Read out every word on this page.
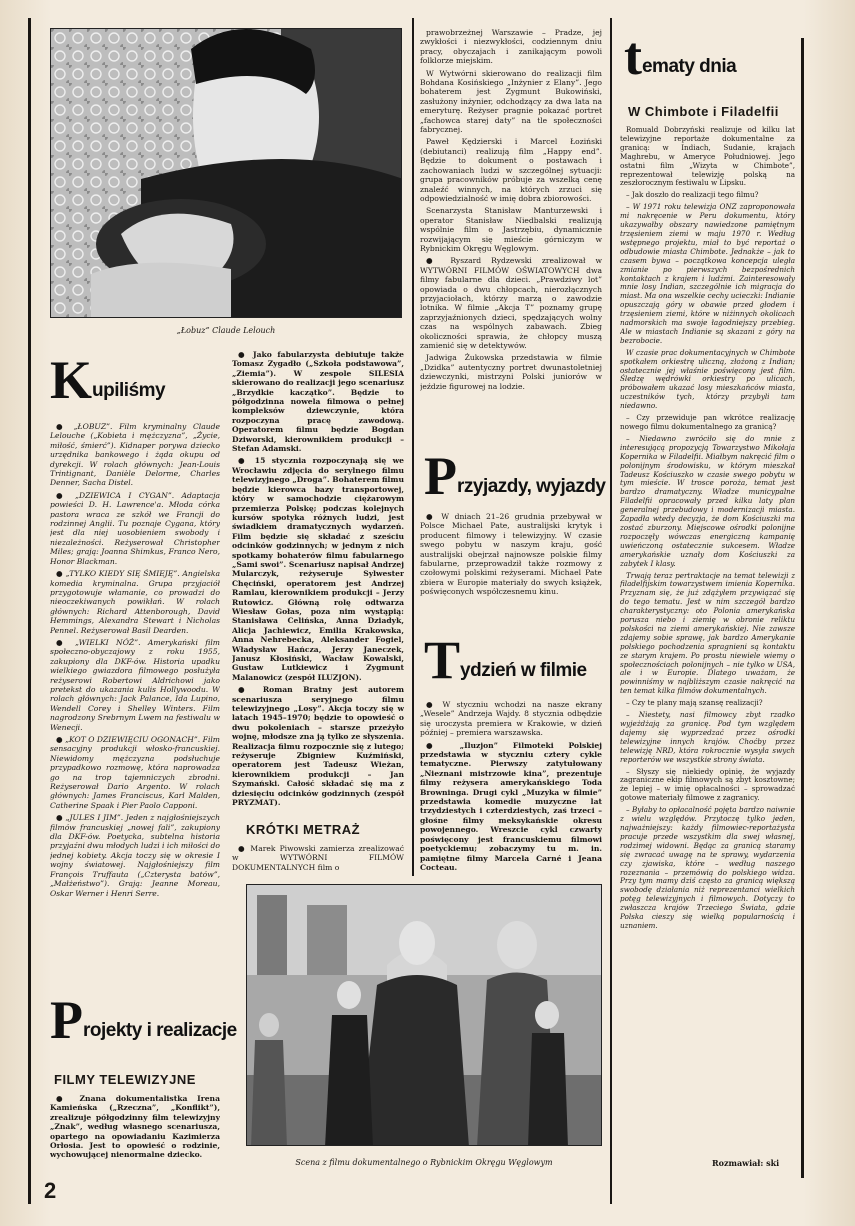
„Łobuz” Claude Lelouch
Kupiliśmy

● „ŁOBUZ”. Film kryminalny Claude Lelouche („Kobieta i mężczyzna”, „Życie, miłość, śmierć”). Kidnaper porywa dziecko urzędnika bankowego i żąda okupu od dyrekcji. W rolach głównych: Jean-Louis Trintignant, Danièle Delorme, Charles Denner, Sacha Distel.

● „DZIEWICA I CYGAN”. Adaptacja powieści D. H. Lawrence'a. Młoda córka pastora wraca ze szkół we Francji do rodzinnej Anglii. Tu poznaje Cygana, który jest dla niej uosobieniem swobody i niezależności. Reżyserował Christopher Miles; grają: Joanna Shimkus, Franco Nero, Honor Blackman.

● „TYLKO KIEDY SIĘ ŚMIEJĘ”. Angielska komedia kryminalna. Grupa przyjaciół przygotowuje włamanie, co prowadzi do nieoczekiwanych powikłań. W rolach głównych: Richard Attenborough, David Hemmings, Alexandra Stewart i Nicholas Pennel. Reżyserował Basil Dearden.

● „WIELKI NÓŻ”. Amerykański film społeczno-obyczajowy z roku 1955, zakupiony dla DKF-ów. Historia upadku wielkiego gwiazdora filmowego posłużyła reżyserowi Robertowi Aldrichowi jako pretekst do ukazania kulis Hollywoodu. W rolach głównych: Jack Palance, Ida Lupino, Wendell Corey i Shelley Winters. Film nagrodzony Srebrnym Lwem na festiwalu w Wenecji.

● „KOT O DZIEWIĘCIU OGONACH”. Film sensacyjny produkcji włosko-francuskiej. Niewidomy mężczyzna podsłuchuje przypadkowo rozmowę, która naprowadza go na trop tajemniczych zbrodni. Reżyserował Dario Argento. W rolach głównych: James Franciscus, Karl Malden, Catherine Spaak i Pier Paolo Capponi.

● „JULES I JIM”. Jeden z najgłośniejszych filmów francuskiej „nowej fali”, zakupiony dla DKF-ów. Poetycka, subtelna historia przyjaźni dwu młodych ludzi i ich miłości do jednej kobiety. Akcja toczy się w okresie I wojny światowej. Najgłośniejszy film François Truffauta („Czterysta batów”, „Małżeństwo”). Grają: Jeanne Moreau, Oskar Werner i Henri Serre.

Projekty i realizacje
FILMY TELEWIZYJNE

● Znana dokumentalistka Irena Kamieńska („Rzeczna”, „Konflikt”), zrealizuje półgodzinny film telewizyjny „Znak”, według własnego scenariusza, opartego na opowiadaniu Kazimierza Orłosia. Jest to opowieść o rodzinie, wychowującej nienormalne dziecko.

● Jako fabularzysta debiutuje także Tomasz Zygadło („Szkoła podstawowa”, „Ziemia”). W zespole SILESIA skierowano do realizacji jego scenariusz „Brzydkie kaczątko”. Będzie to półgodzinna nowela filmowa o pełnej kompleksów dziewczynie, która rozpoczyna pracę zawodową. Operatorem filmu będzie Bogdan Dziworski, kierownikiem produkcji – Stefan Adamski.

● 15 stycznia rozpoczynają się we Wrocławiu zdjęcia do serylnego filmu telewizyjnego „Droga”. Bohaterem filmu będzie kierowca bazy transportowej, który w samochodzie ciężarowym przemierza Polskę; podczas kolejnych kursów spotyka różnych ludzi, jest świadkiem dramatycznych wydarzeń. Film będzie się składać z sześciu odcinków godzinnych; w jednym z nich spotkamy bohaterów filmu fabularnego „Sami swoi”. Scenariusz napisał Andrzej Mularczyk, reżyseruje Sylwester Chęciński, operatorem jest Andrzej Ramlau, kierownikiem produkcji – Jerzy Rutowicz. Główną rolę odtwarza Wiesław Gołas, poza nim wystąpią: Stanisława Celińska, Anna Dziadyk, Alicja Jachiewicz, Emilia Krakowska, Anna Nehrebecka, Aleksander Fogiel, Władysław Hańcza, Jerzy Janeczek, Janusz Kłosiński, Wacław Kowalski, Gustaw Lutkiewicz i Zygmunt Malanowicz (zespół ILUZJON).

● Roman Bratny jest autorem scenariusza seryjnego filmu telewizyjnego „Losy”. Akcja toczy się w latach 1945–1970; będzie to opowieść o dwu pokoleniach – starsze przeżyło wojnę, młodsze zna ją tylko ze słyszenia. Realizacja filmu rozpocznie się z lutego; reżyseruje Zbigniew Kuźmiński, operatorem jest Tadeusz Wieżan, kierownikiem produkcji – Jan Szymański. Całość składać się ma z dziesięciu odcinków godzinnych (zespół PRYZMAT).

KRÓTKI METRAŻ

● Marek Piwowski zamierza zrealizować w WYTWÓRNI FILMÓW DOKUMENTALNYCH film o

prawobrzeżnej Warszawie – Pradze, jej zwykłości i niezwykłości, codziennym dniu pracy, obyczajach i zanikającym powoli folklorze miejskim.

W Wytwórni skierowano do realizacji film Bohdana Kosińskiego „Inżynier z Elany”. Jego bohaterem jest Zygmunt Bukowiński, zasłużony inżynier, odchodzący za dwa lata na emeryturę. Reżyser pragnie pokazać portret „fachowca starej daty” na tle społeczności fabrycznej.

Paweł Kędzierski i Marcel Łoziński (debiutanci) realizują film „Happy end”. Będzie to dokument o postawach i zachowaniach ludzi w szczególnej sytuacji: grupa pracowników próbuje za wszelką cenę znaleźć winnych, na których zrzuci się odpowiedzialność w imię dobra zbiorowości.

Scenarzysta Stanisław Manturzewski i operator Stanisław Niedbalski realizują wspólnie film o Jastrzębiu, dynamicznie rozwijającym się mieście górniczym w Rybnickim Okręgu Węglowym.

● Ryszard Rydzewski zrealizował w WYTWÓRNI FILMÓW OŚWIATOWYCH dwa filmy fabularne dla dzieci. „Prawdziwy lot” opowiada o dwu chłopcach, nierozłącznych przyjaciołach, którzy marzą o zawodzie lotnika. W filmie „Akcja T” poznamy grupę zaprzyjaźnionych dzieci, spędzających wolny czas na wspólnych zabawach. Zbieg okoliczności sprawia, że chłopcy muszą zamienić się w detektywów.

Jadwiga Żukowska przedstawia w filmie „Dzidka” autentyczny portret dwunastoletniej dziewczynki, mistrzyni Polski juniorów w jeździe figurowej na lodzie.

Przyjazdy, wyjazdy

● W dniach 21–26 grudnia przebywał w Polsce Michael Pate, australijski krytyk i producent filmowy i telewizyjny. W czasie swego pobytu w naszym kraju, gość australijski obejrzał najnowsze polskie filmy fabularne, przeprowadził także rozmowy z czołowymi polskimi reżyserami. Michael Pate zbiera w Europie materiały do swych książek, poświęconych współczesnemu kinu.

Tydzień w filmie

● W styczniu wchodzi na nasze ekrany „Wesele” Andrzeja Wajdy. 8 stycznia odbędzie się uroczysta premiera w Krakowie, w dzień później – premiera warszawska.

● „Iluzjon” Filmoteki Polskiej przedstawia w styczniu cztery cykle tematyczne. Pierwszy zatytułowany „Nieznani mistrzowie kina”, prezentuje filmy reżysera amerykańskiego Toda Browninga. Drugi cykl „Muzyka w filmie” przedstawia komedie muzyczne lat trzydziestych i czterdziestych, zaś trzeci – głośne filmy meksykańskie okresu powojennego. Wreszcie cykl czwarty poświęcony jest francuskiemu filmowi poetyckiemu; zobaczymy tu m. in. pamiętne filmy Marcela Carné i Jeana Cocteau.

Scena z filmu dokumentalnego o Rybnickim Okręgu Węglowym
tematy dnia
W Chimbote i Filadelfii

Romuald Dobrzyński realizuje od kilku lat telewizyjne reportaże dokumentalne za granicą: w Indiach, Sudanie, krajach Maghrebu, w Ameryce Południowej. Jego ostatni film „Wizyta w Chimbote”, reprezentował telewizję polską na zeszłorocznym festiwalu w Lipsku.

– Jak doszło do realizacji tego filmu?

– W 1971 roku telewizja ONZ zaproponowała mi nakręcenie w Peru dokumentu, który ukazywałby obszary nawiedzone pamiętnym trzęsieniem ziemi w maju 1970 r. Według wstępnego projektu, miał to być reportaż o odbudowie miasta Chimbote. Jednakże – jak to czasem bywa – początkowa koncepcja uległa zmianie po pierwszych bezpośrednich kontaktach z krajem i ludźmi. Zainteresowały mnie losy Indian, szczególnie ich migracja do miast. Ma ona wszelkie cechy ucieczki: Indianie opuszczają góry w obawie przed głodem i trzęsieniem ziemi, które w niżinnych okolicach nadmorskich ma swoje łagodniejszy przebieg. Ale w miastach Indianie są skazani z góry na bezrobocie.

W czasie prac dokumentacyjnych w Chimbote spotkałem orkiestrę uliczną, złożoną z Indian; ostatecznie jej właśnie poświęcony jest film. Śledzę wędrówki orkiestry po ulicach, próbowałem ukazać losy mieszkańców miasta, uczestników tych, którzy przybyli tam niedawno.

– Czy przewiduje pan wkrótce realizację nowego filmu dokumentalnego za granicą?

– Niedawno zwróciło się do mnie z interesującą propozycją Towarzystwo Mikołaja Kopernika w Filadelfii. Miałbym nakręcić film o polonijnym środowisku, w którym mieszkał Tadeusz Kościuszko w czasie swego pobytu w tym mieście. W trosce poroża, temat jest bardzo dramatyczny. Władze municypalne Filadelfii opracowały przed kilku laty plan generalnej przebudowy i modernizacji miasta. Zapadła wtedy decyzja, że dom Kościuszki ma zostać zburzony. Miejscowe ośrodki polonijne rozpoczęły wówczas energiczną kampanię uwieńczoną ostatecznie sukcesem. Władze amerykańskie uznały dom Kościuszki za zabytek I klasy.

Trwają teraz pertraktacje na temat telewizji z filadelfijskim towarzystwem imienia Kopernika. Przyznam się, że już zdążyłem przywiązać się do tego tematu. Jest w nim szczegół bardzo charakterystyczny: oto Polonia amerykańska porusza niebo i ziemię w obronie reliktu polskości na ziemi amerykańskiej. Nie zawsze zdajemy sobie sprawę, jak bardzo Amerykanie polskiego pochodzenia spragnieni są kontaktu ze starym krajem. Po prostu niewiele wiemy o społecznościach polonijnych – nie tylko w USA, ale i w Europie. Dlatego uważam, że powinniśmy w najbliższym czasie nakręcić na ten temat kilka filmów dokumentalnych.

– Czy te plany mają szansę realizacji?

– Niestety, nasi filmowcy zbyt rzadko wyjeżdżają za granicę. Pod tym względem dajemy się wyprzedzać przez ośrodki telewizyjne innych krajów. Choćby przez telewizję NRD, która rokrocznie wysyła swych reporterów we wszystkie strony świata.

– Słyszy się niekiedy opinię, że wyjazdy zagraniczne ekip filmowych są zbyt kosztowne; że lepiej – w imię opłacalności – sprowadzać gotowe materiały filmowe z zagranicy.

– Byłaby to opłacalność pojęta bardzo naiwnie z wielu względów. Przytoczę tylko jeden, najważniejszy: każdy filmowiec-reportażysta pracuje przede wszystkim dla swej własnej, rodzimej widowni. Będąc za granicą staramy się zwracać uwagę na te sprawy, wydarzenia czy zjawiska, które – według naszego rozeznania – przemówią do polskiego widza. Przy tym mamy dziś często za granicą większą swobodę działania niż reprezentanci wielkich potęg telewizyjnych i filmowych. Dotyczy to zwłaszcza krajów Trzeciego Świata, gdzie Polska cieszy się wielką popularnością i uznaniem.

Rozmawiał: ski
2
